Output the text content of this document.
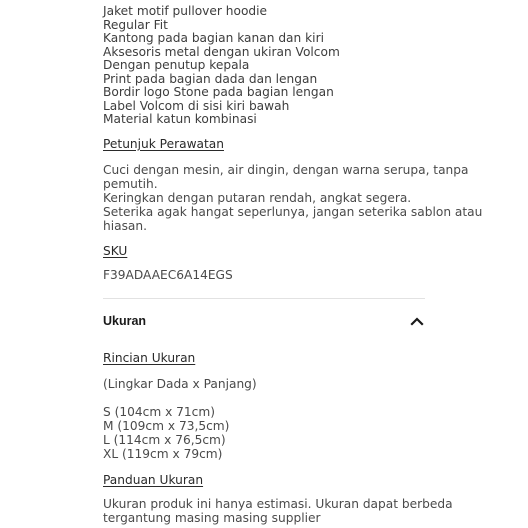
Jaket motif pullover hoodie
Regular Fit
Kantong pada bagian kanan dan kiri
Aksesoris metal dengan ukiran Volcom
Dengan penutup kepala
Print pada bagian dada dan lengan
Bordir logo Stone pada bagian lengan
Label Volcom di sisi kiri bawah
Material katun kombinasi
Petunjuk Perawatan
Cuci dengan mesin, air dingin, dengan warna serupa, tanpa
pemutih.
Keringkan dengan putaran rendah, angkat segera.
Seterika agak hangat seperlunya, jangan seterika sablon atau
hiasan.
SKU
F39ADAAEC6A14EGS
Ukuran
Rincian Ukuran
(Lingkar Dada x Panjang)
S (104cm x 71cm)
M (109cm x 73,5cm)
L (114cm x 76,5cm)
XL (119cm x 79cm)
Panduan Ukuran
Ukuran produk ini hanya estimasi. Ukuran dapat berbeda
tergantung masing masing supplier
